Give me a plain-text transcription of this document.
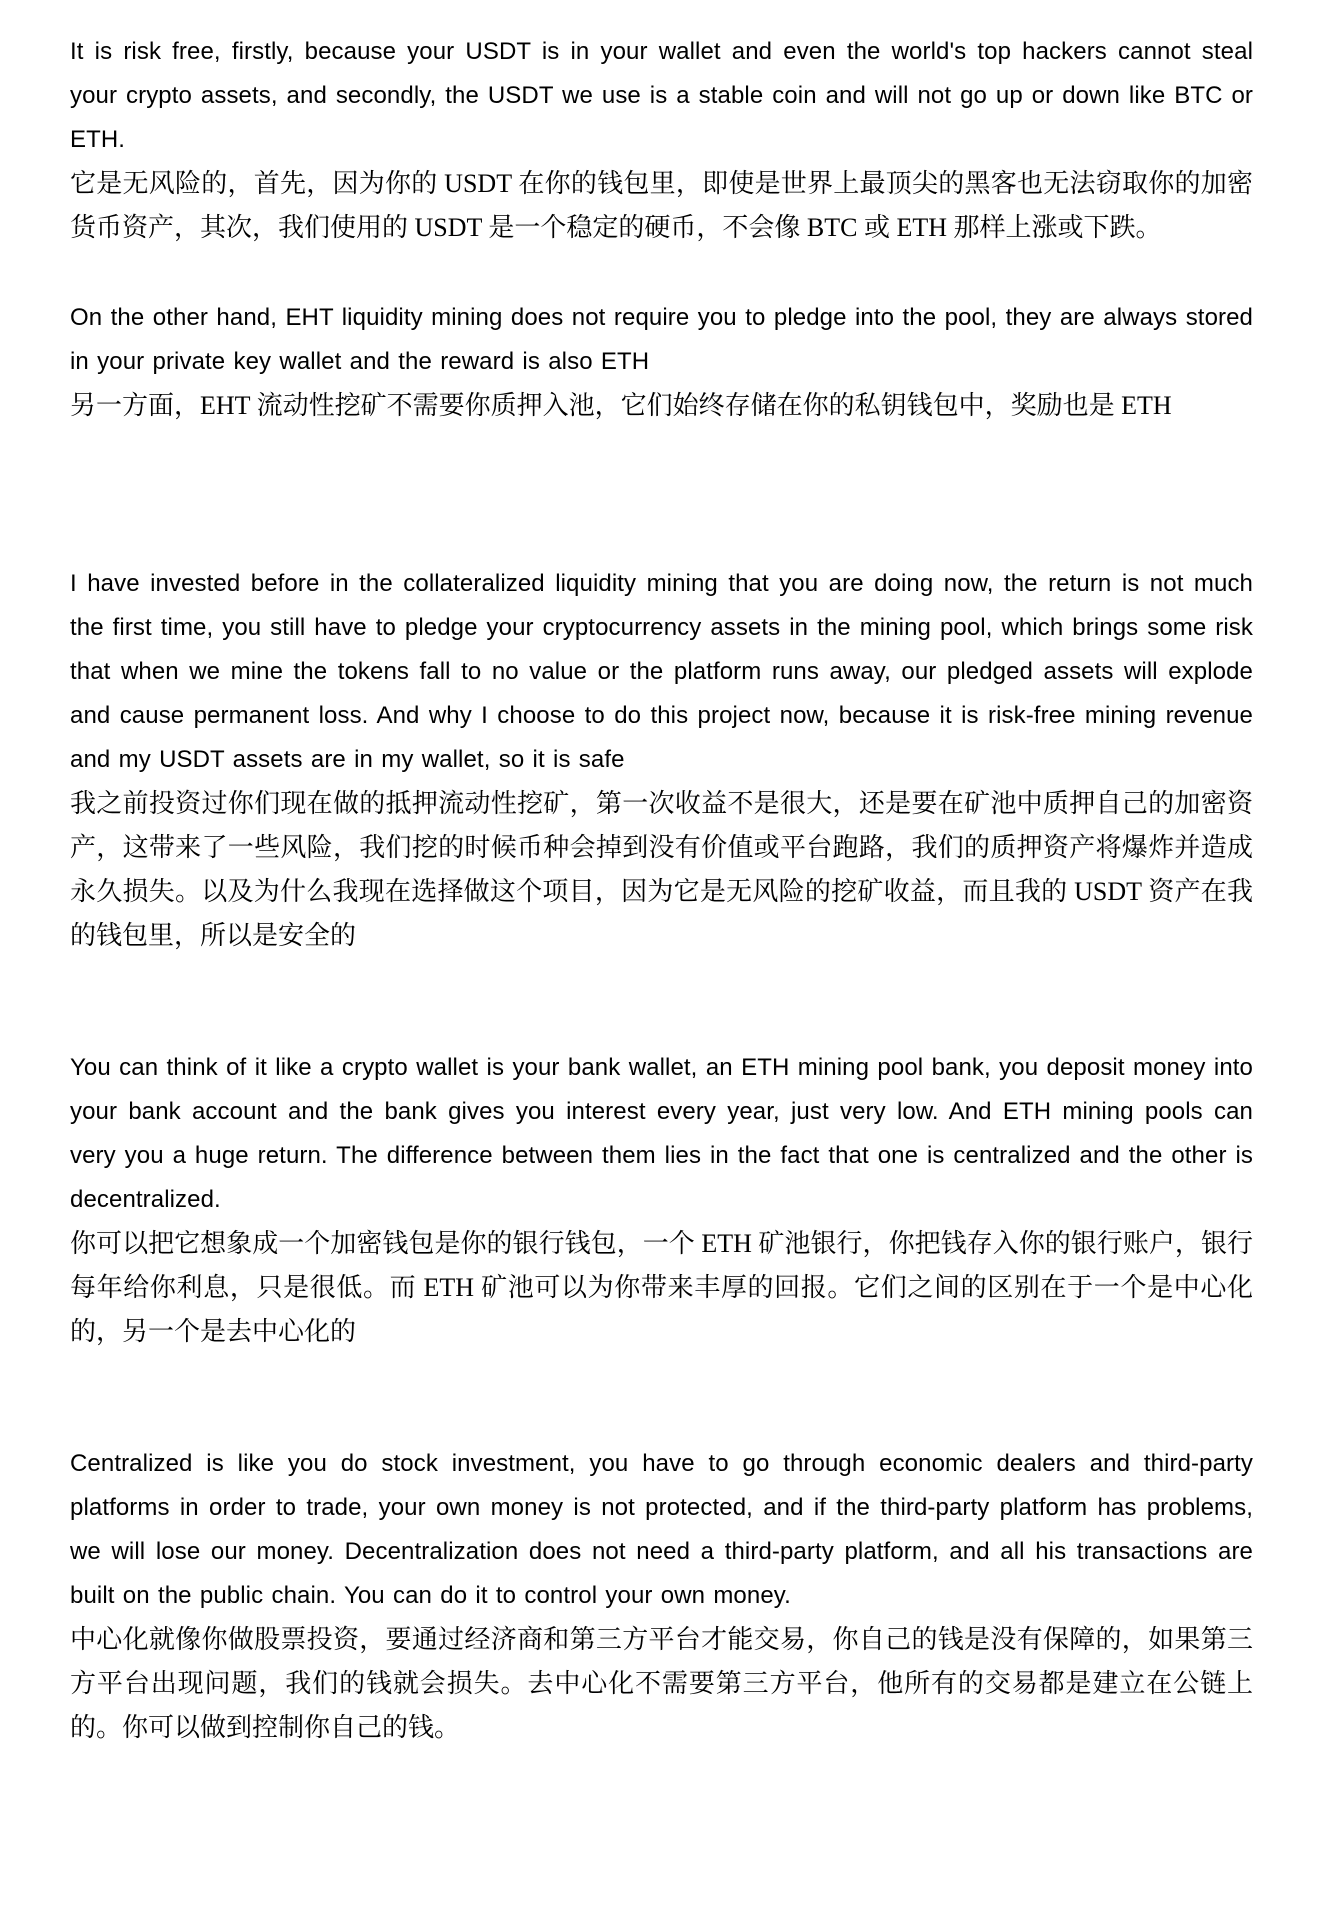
It is risk free, firstly, because your USDT is in your wallet and even the world's top hackers cannot steal your crypto assets, and secondly, the USDT we use is a stable coin and will not go up or down like BTC or ETH.

它是无风险的，首先，因为你的 USDT 在你的钱包里，即使是世界上最顶尖的黑客也无法窃取你的加密货币资产，其次，我们使用的 USDT 是一个稳定的硬币，不会像 BTC 或 ETH 那样上涨或下跌。

On the other hand, EHT liquidity mining does not require you to pledge into the pool, they are always stored in your private key wallet and the reward is also ETH

另一方面，EHT 流动性挖矿不需要你质押入池，它们始终存储在你的私钥钱包中，奖励也是 ETH

I have invested before in the collateralized liquidity mining that you are doing now, the return is not much the first time, you still have to pledge your cryptocurrency assets in the mining pool, which brings some risk that when we mine the tokens fall to no value or the platform runs away, our pledged assets will explode and cause permanent loss. And why I choose to do this project now, because it is risk-free mining revenue and my USDT assets are in my wallet, so it is safe

我之前投资过你们现在做的抵押流动性挖矿，第一次收益不是很大，还是要在矿池中质押自己的加密资产，这带来了一些风险，我们挖的时候币种会掉到没有价值或平台跑路，我们的质押资产将爆炸并造成永久损失。以及为什么我现在选择做这个项目，因为它是无风险的挖矿收益，而且我的 USDT 资产在我的钱包里，所以是安全的

You can think of it like a crypto wallet is your bank wallet, an ETH mining pool bank, you deposit money into your bank account and the bank gives you interest every year, just very low. And ETH mining pools can very you a huge return. The difference between them lies in the fact that one is centralized and the other is decentralized.

你可以把它想象成一个加密钱包是你的银行钱包，一个 ETH 矿池银行，你把钱存入你的银行账户，银行每年给你利息，只是很低。而 ETH 矿池可以为你带来丰厚的回报。它们之间的区别在于一个是中心化的，另一个是去中心化的

Centralized is like you do stock investment, you have to go through economic dealers and third-party platforms in order to trade, your own money is not protected, and if the third-party platform has problems, we will lose our money. Decentralization does not need a third-party platform, and all his transactions are built on the public chain. You can do it to control your own money.

中心化就像你做股票投资，要通过经济商和第三方平台才能交易，你自己的钱是没有保障的，如果第三方平台出现问题，我们的钱就会损失。去中心化不需要第三方平台，他所有的交易都是建立在公链上的。你可以做到控制你自己的钱。
